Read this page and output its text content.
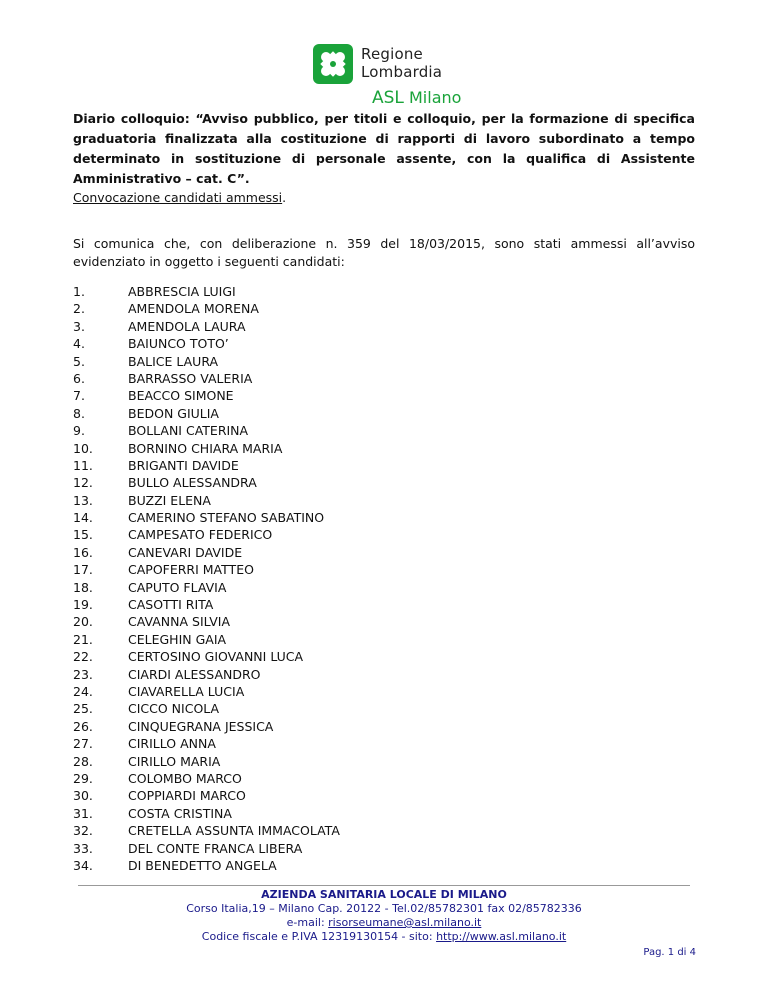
Regione
Lombardia
ASL Milano
Diario colloquio: “Avviso pubblico, per titoli e colloquio, per la formazione di specifica graduatoria finalizzata alla costituzione di rapporti di lavoro subordinato a tempo determinato in sostituzione di personale assente, con la qualifica di Assistente Amministrativo – cat. C”.
Convocazione candidati ammessi.
Si comunica che, con deliberazione n. 359 del 18/03/2015, sono stati ammessi all’avviso evidenziato in oggetto i seguenti candidati:
1.	ABBRESCIA LUIGI
2.	AMENDOLA MORENA
3.	AMENDOLA LAURA
4.	BAIUNCO TOTO’
5.	BALICE LAURA
6.	BARRASSO VALERIA
7.	BEACCO SIMONE
8.	BEDON GIULIA
9.	BOLLANI CATERINA
10.	BORNINO CHIARA MARIA
11.	BRIGANTI DAVIDE
12.	BULLO ALESSANDRA
13.	BUZZI ELENA
14.	CAMERINO STEFANO SABATINO
15.	CAMPESATO FEDERICO
16.	CANEVARI DAVIDE
17.	CAPOFERRI MATTEO
18.	CAPUTO FLAVIA
19.	CASOTTI RITA
20.	CAVANNA SILVIA
21.	CELEGHIN GAIA
22.	CERTOSINO GIOVANNI LUCA
23.	CIARDI ALESSANDRO
24.	CIAVARELLA LUCIA
25.	CICCO NICOLA
26.	CINQUEGRANA JESSICA
27.	CIRILLO ANNA
28.	CIRILLO MARIA
29.	COLOMBO MARCO
30.	COPPIARDI MARCO
31.	COSTA CRISTINA
32.	CRETELLA ASSUNTA IMMACOLATA
33.	DEL CONTE FRANCA LIBERA
34.	DI BENEDETTO ANGELA
AZIENDA SANITARIA LOCALE DI MILANO
Corso Italia,19 – Milano Cap. 20122 - Tel.02/85782301 fax 02/85782336
e-mail: risorseumane@asl.milano.it
Codice fiscale e P.IVA 12319130154 - sito: http://www.asl.milano.it
Pag. 1 di 4
